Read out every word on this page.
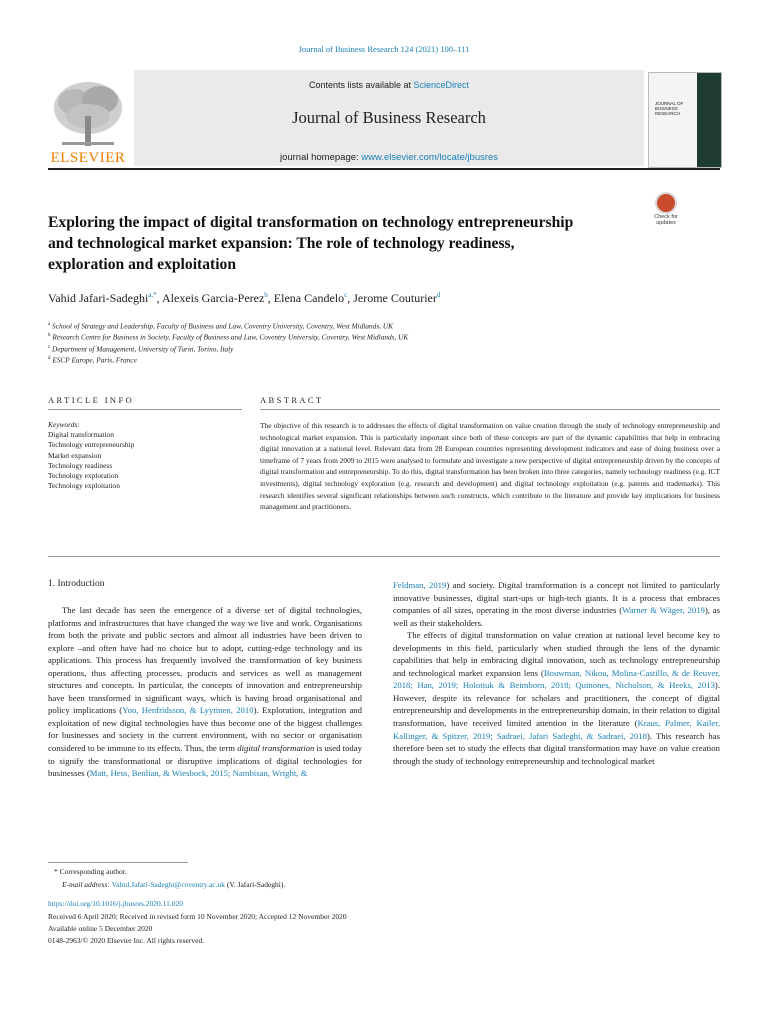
Journal of Business Research 124 (2021) 100–111
ELSEVIER
Contents lists available at ScienceDirect
Journal of Business Research
journal homepage: www.elsevier.com/locate/jbusres
JOURNAL OF BUSINESS RESEARCH
Check for updates
Exploring the impact of digital transformation on technology entrepreneurship and technological market expansion: The role of technology readiness, exploration and exploitation
Vahid Jafari-Sadeghi$^{a,*}$, Alexeis Garcia-Perez$^b$, Elena Candelo$^c$, Jerome Couturier$^d$
$^a$ School of Strategy and Leadership, Faculty of Business and Law, Coventry University, Coventry, West Midlands, UK
$^b$ Research Centre for Business in Society, Faculty of Business and Law, Coventry University, Coventry, West Midlands, UK
$^c$ Department of Management, University of Turin, Torino, Italy
$^d$ ESCP Europe, Paris, France
ARTICLE INFO	ABSTRACT
Keywords:
Digital transformation
Technology entrepreneurship
Market expansion
Technology readiness
Technology exploration
Technology exploitation
The objective of this research is to addresses the effects of digital transformation on value creation through the study of technology entrepreneurship and technological market expansion. This is particularly important since both of these concepts are part of the dynamic capabilities that help in embracing digital innovation at a national level. Relevant data from 28 European countries representing development indicators and ease of doing business over a timeframe of 7 years from 2009 to 2015 were analysed to formulate and investigate a new perspective of digital entrepreneurship driven by the concepts of digital transformation and entrepreneurship. To do this, digital transformation has been broken into three categories, namely technology readiness (e.g. ICT investments), digital technology exploration (e.g. research and development) and digital technology exploitation (e.g. patents and trademarks). This research identifies several significant relationships between such constructs, which contribute to the literature and provide key implications for business management and practitioners.
1. Introduction

The last decade has seen the emergence of a diverse set of digital technologies, platforms and infrastructures that have changed the way we live and work. Organisations from both the private and public sectors and almost all industries have been driven to explore –and often have had no choice but to adopt, cutting-edge technology and its applications. This process has frequently involved the transformation of key business operations, thus affecting processes, products and services as well as management structures and concepts. In particular, the concepts of innovation and entrepreneurship have been transformed in significant ways, which is having broad organisational and policy implications (Yoo, Henfridsson, & Lyytinen, 2010). Exploration, integration and exploitation of new digital technologies have thus become one of the biggest challenges for businesses and society in the current environment, with no sector or organisation considered to be immune to its effects. Thus, the term digital transformation is used today to signify the transformational or disruptive implications of digital technologies for businesses (Matt, Hess, Benlian, & Wiesbock, 2015; Nambisan, Wright, &

Feldman, 2019) and society. Digital transformation is a concept not limited to particularly innovative businesses, digital start-ups or high-tech giants. It is a process that embraces companies of all sizes, operating in the most diverse industries (Warner & Wäger, 2019), as well as their stakeholders.

The effects of digital transformation on value creation at national level become key to developments in this field, particularly when studied through the lens of the dynamic capabilities that help in embracing digital innovation, such as technology entrepreneurship and technological market expansion lens (Bouwman, Nikou, Molina-Castillo, & de Reuver, 2018; Han, 2019; Holotiuk & Beimborn, 2018; Quinones, Nicholson, & Heeks, 2013). However, despite its relevance for scholars and practitioners, the concept of digital entrepreneurship and developments in the entrepreneurship domain, in their relation to digital transformation, have received limited attention in the literature (Kraus, Palmer, Kailer, Kallinger, & Spitzer, 2019; Sadraei, Jafari Sadeghi, & Sadraei, 2018). This research has therefore been set to study the effects that digital transformation may have on value creation through the study of technology entrepreneurship and technological market

* Corresponding author.
E-mail address: Vahid.Jafari-Sadeghi@coventry.ac.uk (V. Jafari-Sadeghi).
https://doi.org/10.1016/j.jbusres.2020.11.020
Received 6 April 2020; Received in revised form 10 November 2020; Accepted 12 November 2020
Available online 5 December 2020
0148-2963/© 2020 Elsevier Inc. All rights reserved.
